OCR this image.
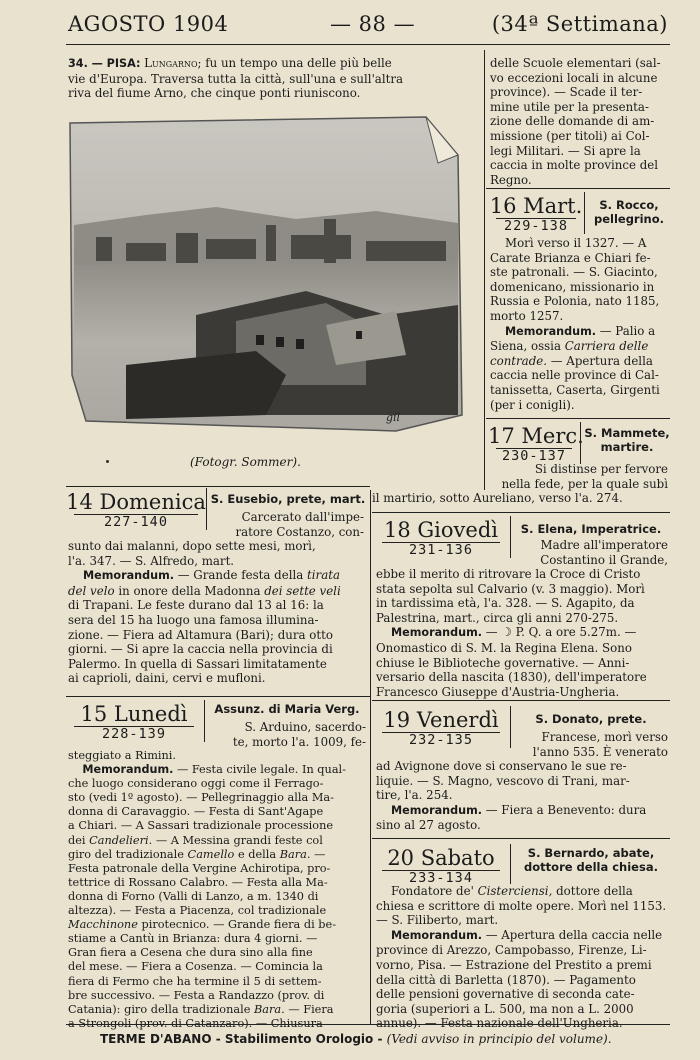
AGOSTO 1904	— 88 —	(34ª Settimana)

34. — PISA: Lungarno; fu un tempo una delle più belle
vie d'Europa. Traversa tutta la città, sull'una e sull'altra
riva del fiume Arno, che cinque ponti riuniscono.

gil
(Fotogr. Sommer).

delle Scuole elementari (sal-
vo eccezioni locali in alcune
province). — Scade il ter-
mine utile per la presenta-
zione delle domande di am-
missione (per titoli) ai Col-
legi Militari. — Si apre la
caccia in molte province del
Regno.

16 Mart.
229-138
S. Rocco,
pellegrino.

Morì verso il 1327. — A
Carate Brianza e Chiari fe-
ste patronali. — S. Giacinto,
domenicano, missionario in
Russia e Polonia, nato 1185,
morto 1257.
Memorandum. — Palio a
Siena, ossia Carriera delle
contrade. — Apertura della
caccia nelle province di Cal-
tanissetta, Caserta, Girgenti
(per i conigli).

17 Merc.
230-137
S. Mammete,
martire.

Si distinse per fervore
nella fede, per la quale subì

il martirio, sotto Aureliano, verso l'a. 274.

14 Domenica
227-140
S. Eusebio, prete, mart.

Carcerato dall'impe-
ratore Costanzo, con-

sunto dai malanni, dopo sette mesi, morì,
l'a. 347. — S. Alfredo, mart.
Memorandum. — Grande festa della tirata
del velo in onore della Madonna dei sette veli
di Trapani. Le feste durano dal 13 al 16: la
sera del 15 ha luogo una famosa illumina-
zione. — Fiera ad Altamura (Bari); dura otto
giorni. — Si apre la caccia nella provincia di
Palermo. In quella di Sassari limitatamente
ai caprioli, daini, cervi e mufloni.

18 Giovedì
231-136
S. Elena, Imperatrice.

Madre all'imperatore
Costantino il Grande,

ebbe il merito di ritrovare la Croce di Cristo
stata sepolta sul Calvario (v. 3 maggio). Morì
in tardissima età, l'a. 328. — S. Agapito, da
Palestrina, mart., circa gli anni 270-275.
Memorandum. — ☽ P. Q. a ore 5.27m. —
Onomastico di S. M. la Regina Elena. Sono
chiuse le Biblioteche governative. — Anni-
versario della nascita (1830), dell'imperatore
Francesco Giuseppe d'Austria-Ungheria.

15 Lunedì
228-139
Assunz. di Maria Verg.

S. Arduino, sacerdo-
te, morto l'a. 1009, fe-

steggiato a Rimini.
Memorandum. — Festa civile legale. In qual-
che luogo considerano oggi come il Ferrago-
sto (vedi 1º agosto). — Pellegrinaggio alla Ma-
donna di Caravaggio. — Festa di Sant'Agape
a Chiari. — A Sassari tradizionale processione
dei Candelieri. — A Messina grandi feste col
giro del tradizionale Camello e della Bara. —
Festa patronale della Vergine Achirotipa, pro-
tettrice di Rossano Calabro. — Festa alla Ma-
donna di Forno (Valli di Lanzo, a m. 1340 di
altezza). — Festa a Piacenza, col tradizionale
Macchinone pirotecnico. — Grande fiera di be-
stiame a Cantù in Brianza: dura 4 giorni. —
Gran fiera a Cesena che dura sino alla fine
del mese. — Fiera a Cosenza. — Comincia la
fiera di Fermo che ha termine il 5 di settem-
bre successivo. — Festa a Randazzo (prov. di
Catania): giro della tradizionale Bara. — Fiera
a Strongoli (prov. di Catanzaro). — Chiusura

19 Venerdì
232-135
S. Donato, prete.

Francese, morì verso
l'anno 535. È venerato

ad Avignone dove si conservano le sue re-
liquie. — S. Magno, vescovo di Trani, mar-
tire, l'a. 254.
Memorandum. — Fiera a Benevento: dura
sino al 27 agosto.

20 Sabato
233-134
S. Bernardo, abate,
dottore della chiesa.

Fondatore de' Cisterciensi, dottore della
chiesa e scrittore di molte opere. Morì nel 1153.
— S. Filiberto, mart.
Memorandum. — Apertura della caccia nelle
province di Arezzo, Campobasso, Firenze, Li-
vorno, Pisa. — Estrazione del Prestito a premi
della città di Barletta (1870). — Pagamento
delle pensioni governative di seconda cate-
goria (superiori a L. 500, ma non a L. 2000
annue). — Festa nazionale dell'Ungheria.

TERME D'ABANO - Stabilimento Orologio - (Vedi avviso in principio del volume).
